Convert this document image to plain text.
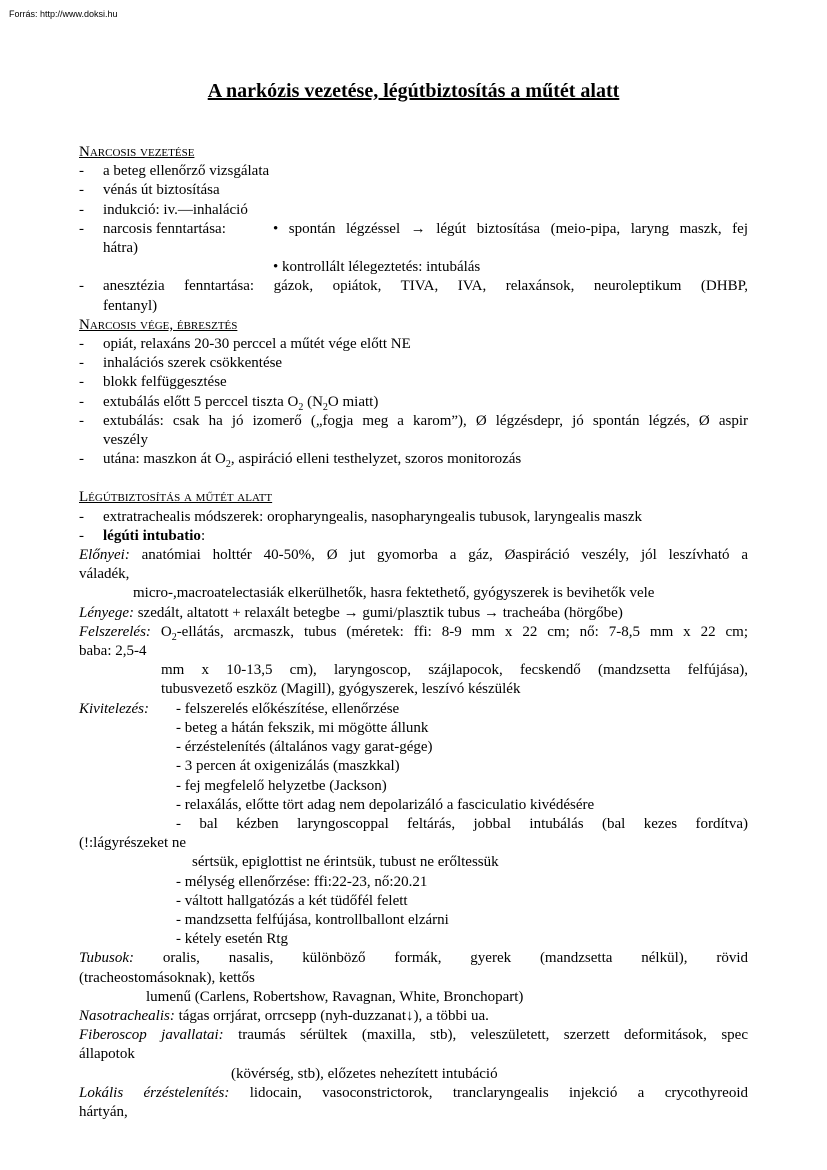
Forrás: http://www.doksi.hu
A narkózis vezetése, légútbiztosítás a műtét alatt
Narcosis vezetése
- a beteg ellenőrző vizsgálata
- vénás út biztosítása
- indukció: iv.—inhaláció
-	narcosis fenntartása:	• spontán légzéssel → légút biztosítása (meio-pipa, laryng maszk, fej
hátra)
• kontrollált lélegeztetés: intubálás
-	anesztézia fenntartása: gázok, opiátok, TIVA, IVA, relaxánsok, neuroleptikum (DHBP,
fentanyl)
Narcosis vége, ébresztés
- opiát, relaxáns 20-30 perccel a műtét vége előtt NE
- inhalációs szerek csökkentése
- blokk felfüggesztése
- extubálás előtt 5 perccel tiszta $O_2$ ($N_2O$ miatt)
-	extubálás: csak ha jó izomerő („fogja meg a karom”), Ø légzésdepr, jó spontán légzés, Ø aspir
veszély
- utána: maszkon át $O_2$, aspiráció elleni testhelyzet, szoros monitorozás
Légútbiztosítás a műtét alatt
- extratrachealis módszerek: oropharyngealis, nasopharyngealis tubusok, laryngealis maszk
- légúti intubatio:
Előnyei: anatómiai holttér 40-50%, Ø jut gyomorba a gáz, Øaspiráció veszély, jól leszívható a
váladék,
micro-,macroatelectasiák elkerülhetők, hasra fektethető, gyógyszerek is bevihetők vele
Lényege: szedált, altatott + relaxált betegbe → gumi/plasztik tubus → tracheába (hörgőbe)
Felszerelés: $O_2$-ellátás, arcmaszk, tubus (méretek: ffi: 8-9 mm x 22 cm; nő: 7-8,5 mm x 22 cm;
baba: 2,5-4
mm x 10-13,5 cm), laryngoscop, szájlapocok, fecskendő (mandzsetta felfújása),
tubusvezető eszköz (Magill), gyógyszerek, leszívó készülék
Kivitelezés: - felszerelés előkészítése, ellenőrzése
- beteg a hátán fekszik, mi mögötte állunk
- érzéstelenítés (általános vagy garat-gége)
- 3 percen át oxigenizálás (maszkkal)
- fej megfelelő helyzetbe (Jackson)
- relaxálás, előtte tört adag nem depolarizáló a fasciculatio kivédésére
- bal kézben laryngoscoppal feltárás, jobbal intubálás (bal kezes fordítva)
(!:lágyrészeket ne
sértsük, epiglottist ne érintsük, tubust ne erőltessük
- mélység ellenőrzése: ffi:22-23, nő:20.21
- váltott hallgatózás a két tüdőfél felett
- mandzsetta felfújása, kontrollballont elzárni
- kétely esetén Rtg
Tubusok: oralis, nasalis, különböző formák, gyerek (mandzsetta nélkül), rövid
(tracheostomásoknak), kettős
lumenű (Carlens, Robertshow, Ravagnan, White, Bronchopart)
Nasotrachealis: tágas orrjárat, orrcsepp (nyh-duzzanat↓), a többi ua.
Fiberoscop javallatai: traumás sérültek (maxilla, stb), veleszületett, szerzett deformitások, spec
állapotok
(kövérség, stb), előzetes nehezített intubáció
Lokális érzéstelenítés: lidocain, vasoconstrictorok, tranclaryngealis injekció a crycothyreoid
hártyán,
